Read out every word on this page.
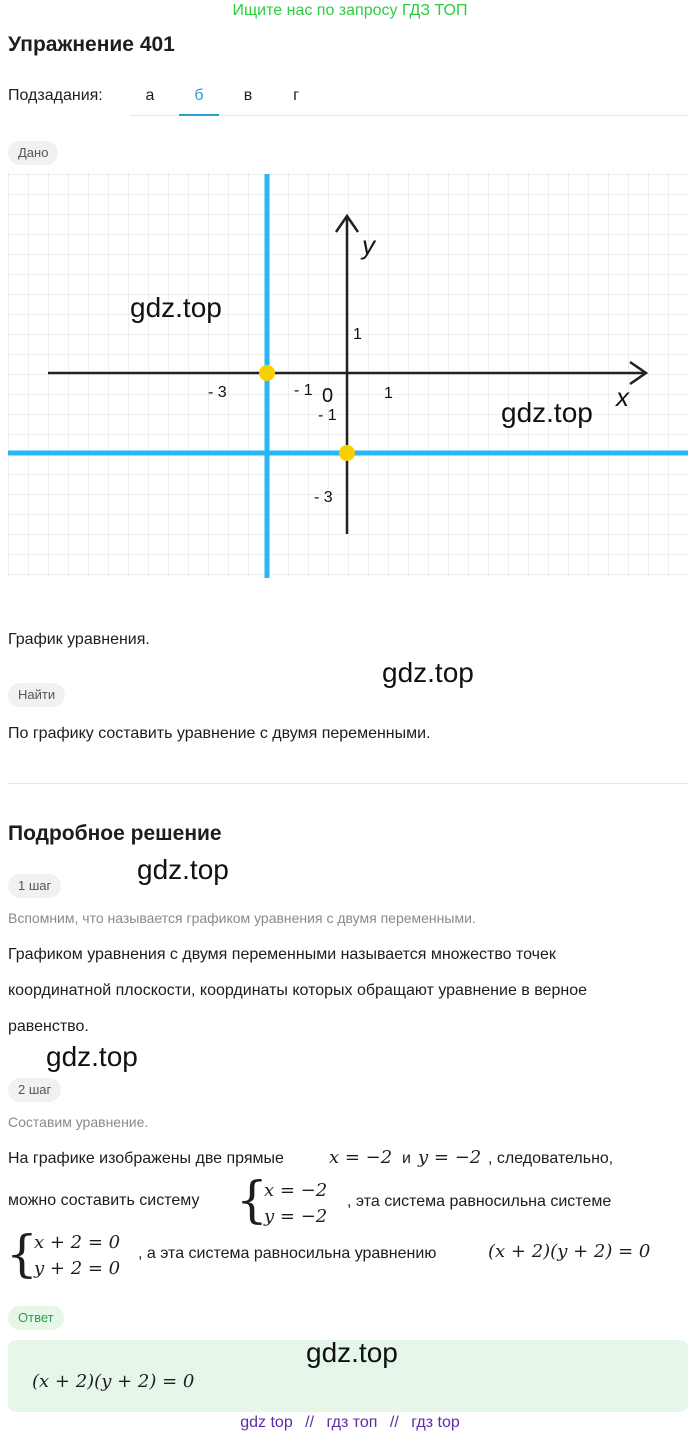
Ищите нас по запросу ГДЗ ТОП
Упражнение 401
Подзадания:	а	б	в	г
Дано
y
x
0
- 3	- 1	1
1
- 1
- 3
gdz.top
gdz.top
График уравнения.
gdz.top
Найти
По графику составить уравнение с двумя переменными.
Подробное решение
gdz.top
1 шаг
Вспомним, что называется графиком уравнения с двумя переменными.
Графиком уравнения с двумя переменными называется множество точек
координатной плоскости, координаты которых обращают уравнение в верное
равенство.
gdz.top
2 шаг
Составим уравнение.
На графике изображены две прямые	x = −2 и y = −2 , следовательно,
можно составить систему {
x = −2
y = −2
, эта система равносильна системе
{
x + 2 = 0
y + 2 = 0
, а эта система равносильна уравнению	(x + 2)(y + 2) = 0
Ответ
gdz.top
(x + 2)(y + 2) = 0
gdz top // гдз топ // гдз top
